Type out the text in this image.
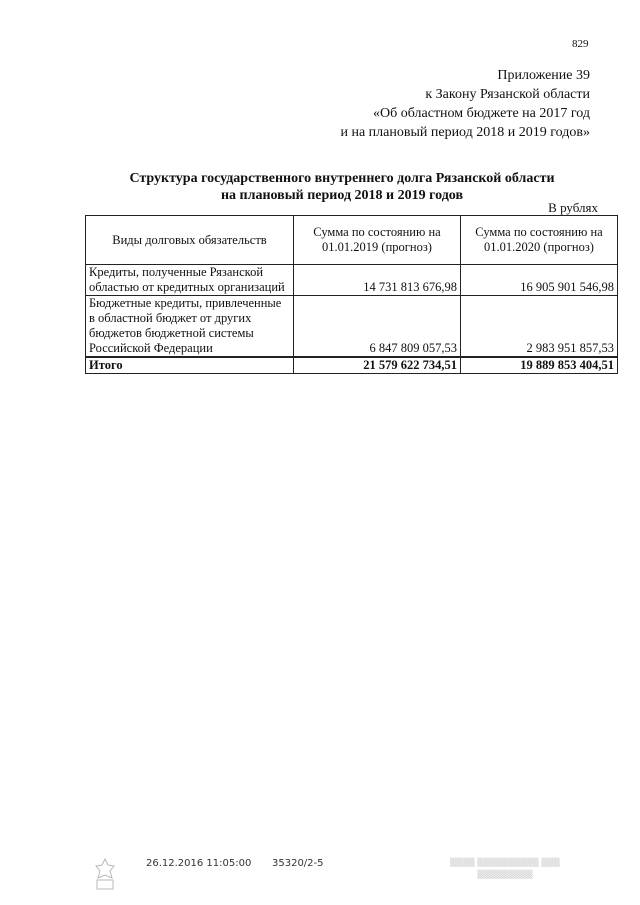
829
Приложение 39
к Закону Рязанской области
«Об областном бюджете на 2017 год
и на плановый период 2018 и 2019 годов»
Структура государственного внутреннего долга Рязанской области
на плановый период 2018 и 2019 годов
В рублях
Виды долговых обязательств	Сумма по состоянию на 01.01.2019 (прогноз)	Сумма по состоянию на 01.01.2020 (прогноз)
Кредиты, полученные Рязанской областью от кредитных организаций	14 731 813 676,98	16 905 901 546,98
Бюджетные кредиты, привлеченные в областной бюджет от других бюджетов бюджетной системы Российской Федерации	6 847 809 057,53	2 983 951 857,53
Итого	21 579 622 734,51	19 889 853 404,51
26.12.2016 11:05:00 35320/2-5	▒▒▒▒ ▒▒▒▒▒▒▒▒▒▒ ▒▒▒
▒▒▒▒▒▒▒▒▒
